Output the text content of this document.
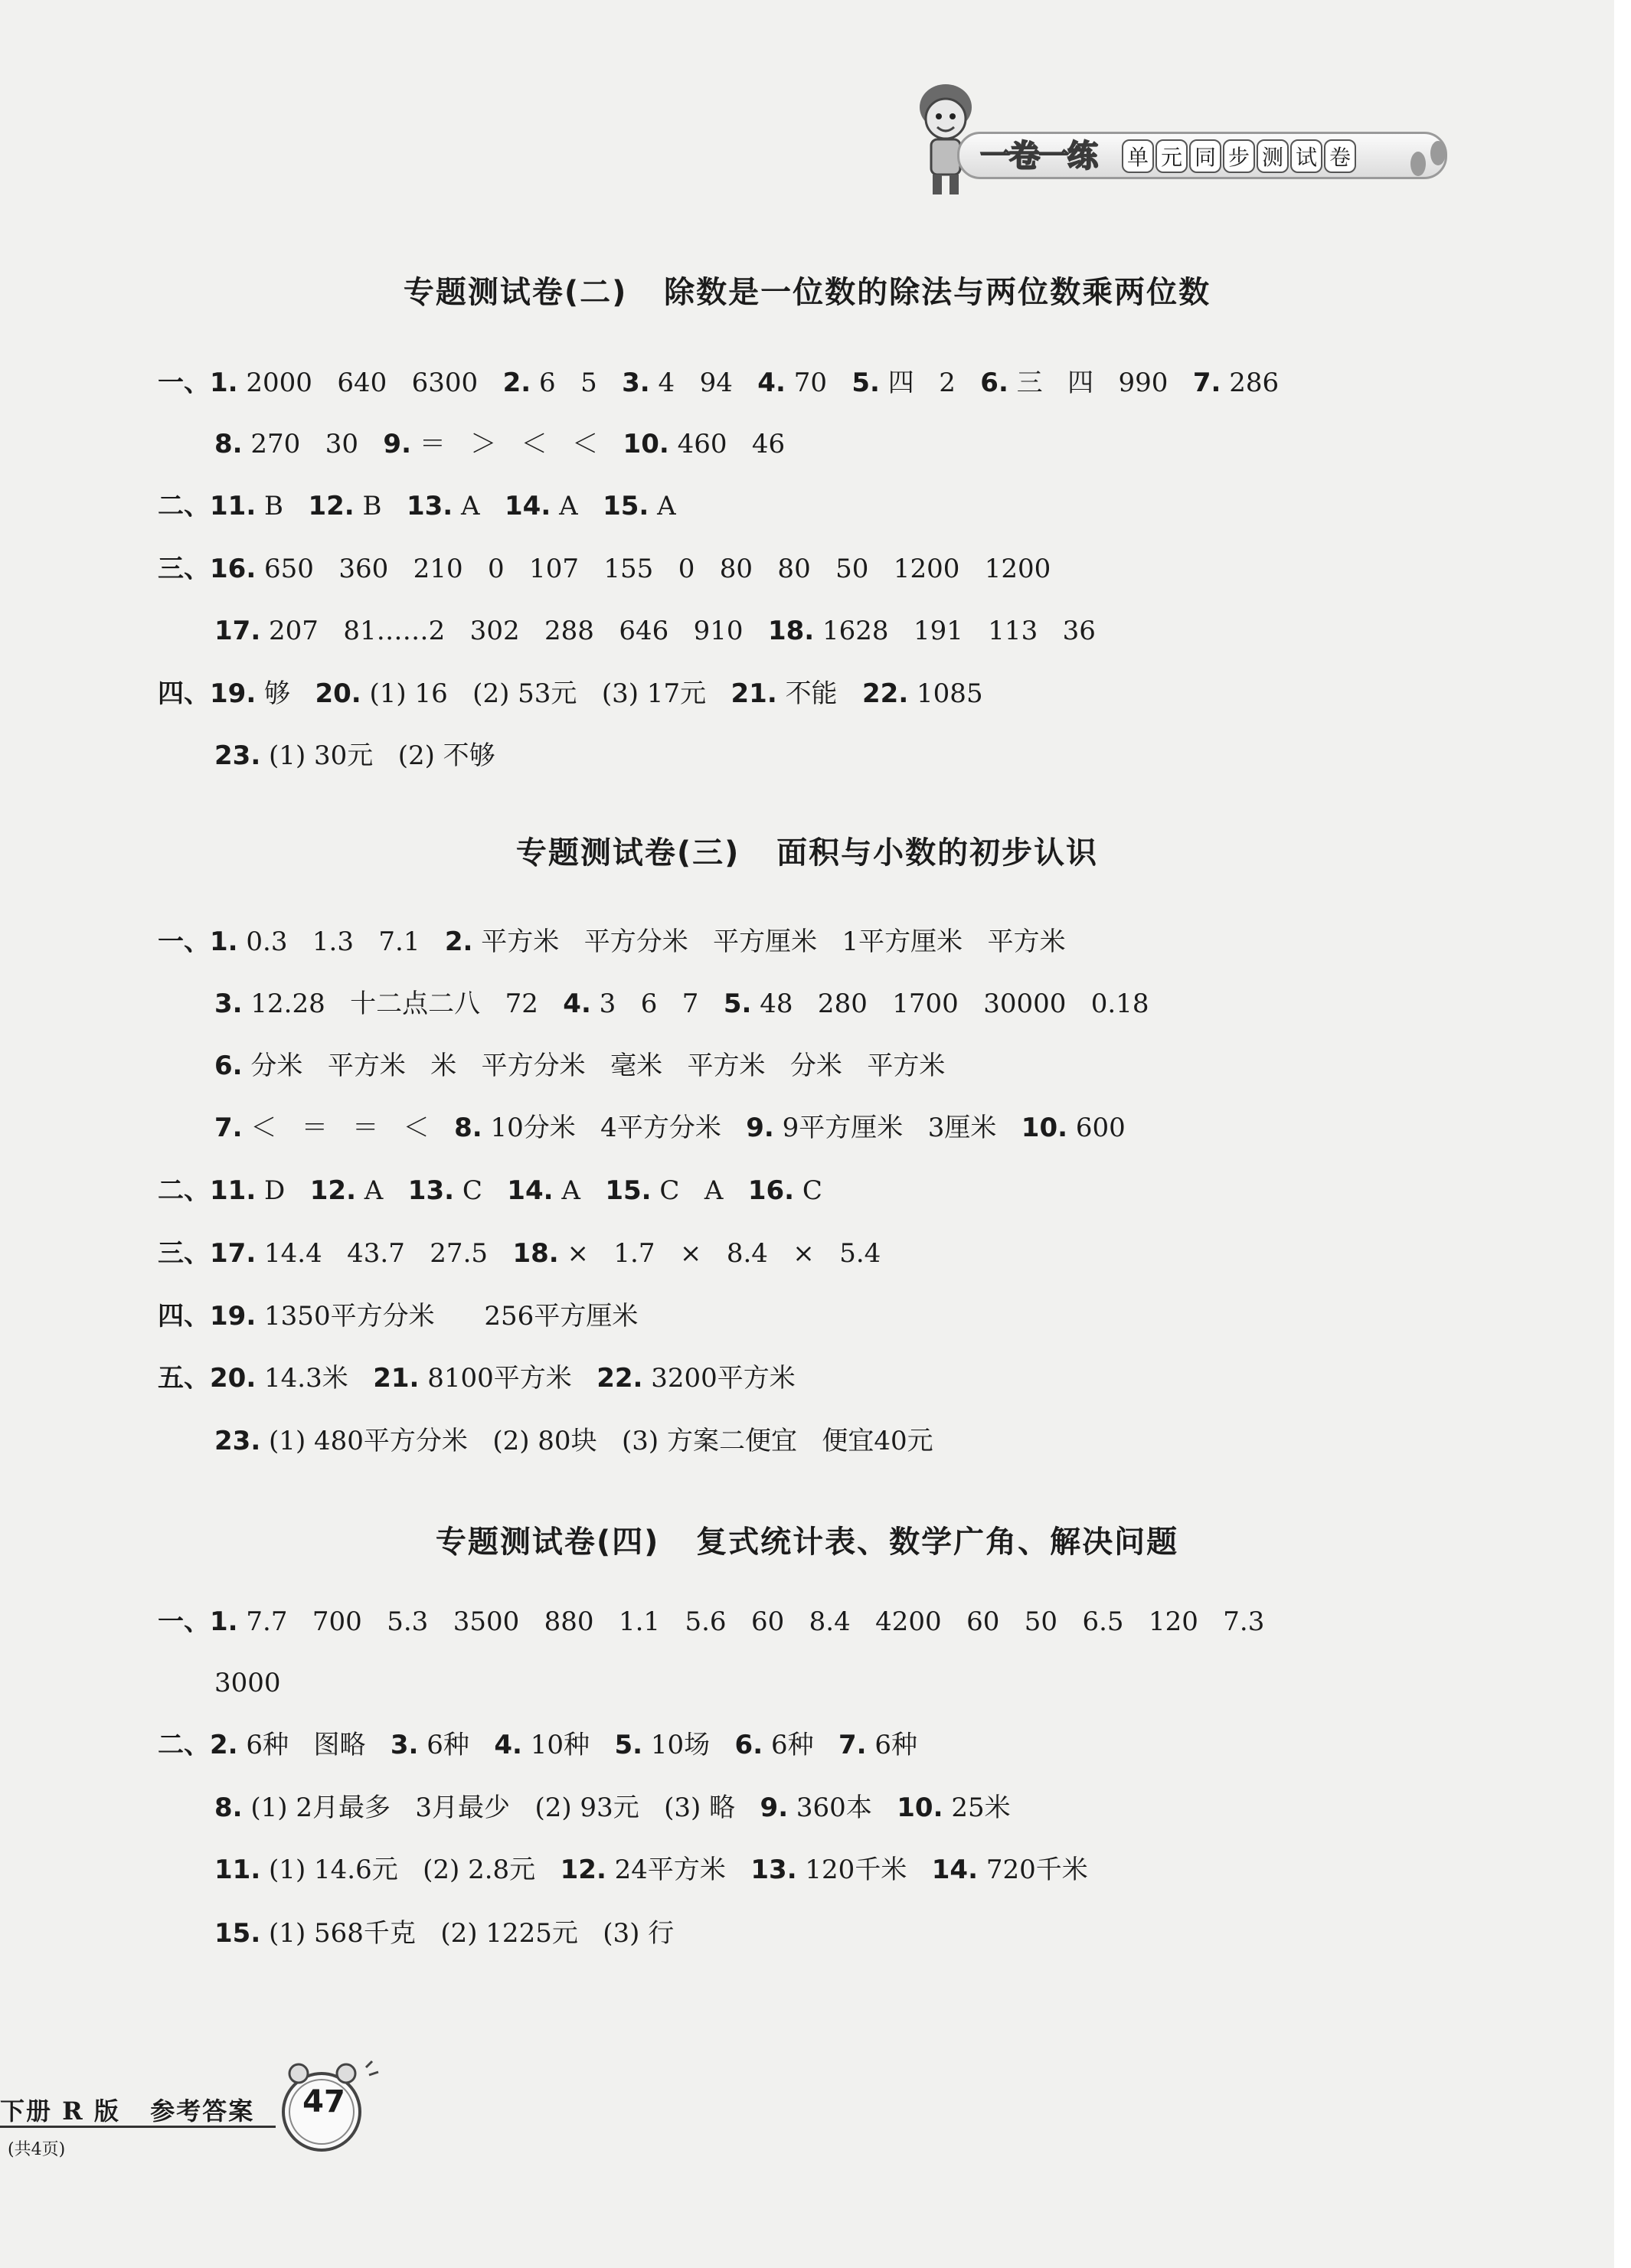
一卷一练 单 元 同 步 测 试 卷
专题测试卷(二)   除数是一位数的除法与两位数乘两位数
一、1. 2000   640   6300 2. 6   5 3. 4   94 4. 70 5. 四   2 6. 三   四   990 7. 286
8. 270   30 9. ＝   ＞   ＜   ＜ 10. 460   46
二、11. B 12. B 13. A 14. A 15. A
三、16. 650   360   210   0   107   155   0   80   80   50   1200   1200
17. 207   81……2   302   288   646   910 18. 1628   191   113   36
四、19. 够 20. (1) 16   (2) 53元   (3) 17元 21. 不能 22. 1085
23. (1) 30元   (2) 不够
专题测试卷(三)   面积与小数的初步认识
一、1. 0.3   1.3   7.1 2. 平方米   平方分米   平方厘米   1平方厘米   平方米
3. 12.28   十二点二八   72 4. 3   6   7 5. 48   280   1700   30000   0.18
6. 分米   平方米   米   平方分米   毫米   平方米   分米   平方米
7. ＜   ＝   ＝   ＜ 8. 10分米   4平方分米 9. 9平方厘米   3厘米 10. 600
二、11. D 12. A 13. C 14. A 15. C   A 16. C
三、17. 14.4   43.7   27.5 18. ×   1.7   ×   8.4   ×   5.4
四、19. 1350平方分米      256平方厘米
五、20. 14.3米 21. 8100平方米 22. 3200平方米
23. (1) 480平方分米   (2) 80块   (3) 方案二便宜   便宜40元
专题测试卷(四)   复式统计表、数学广角、解决问题
一、1. 7.7   700   5.3   3500   880   1.1   5.6   60   8.4   4200   60   50   6.5   120   7.3
3000
二、2. 6种   图略 3. 6种 4. 10种 5. 10场 6. 6种 7. 6种
8. (1) 2月最多   3月最少   (2) 93元   (3) 略 9. 360本 10. 25米
11. (1) 14.6元   (2) 2.8元 12. 24平方米 13. 120千米 14. 720千米
15. (1) 568千克   (2) 1225元   (3) 行
下册 R 版   参考答案
(共4页)
47
